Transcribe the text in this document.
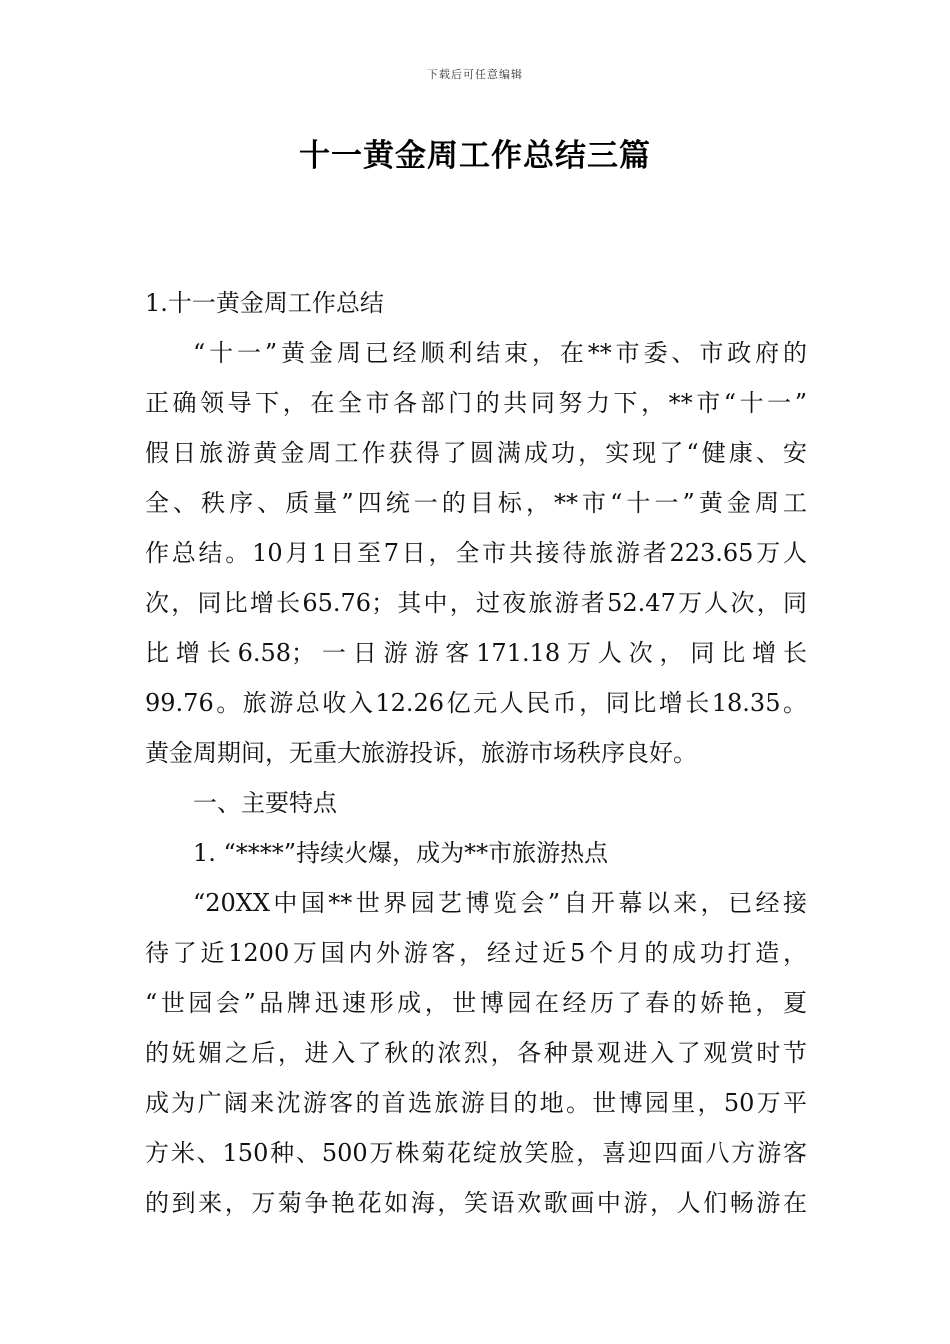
下载后可任意编辑
十一黄金周工作总结三篇
1.十一黄金周工作总结
“十一”黄金周已经顺利结束，在**市委、市政府的
正确领导下，在全市各部门的共同努力下，**市“十一”
假日旅游黄金周工作获得了圆满成功，实现了“健康、安
全、秩序、质量”四统一的目标，**市“十一”黄金周工
作总结。10月1日至7日，全市共接待旅游者223.65万人
次，同比增长65.76；其中，过夜旅游者52.47万人次，同
比增长6.58；一日游游客171.18万人次，同比增长
99.76。旅游总收入12.26亿元人民币，同比增长18.35。
黄金周期间，无重大旅游投诉，旅游市场秩序良好。
一、主要特点
1. “****”持续火爆，成为**市旅游热点
“20XX中国**世界园艺博览会”自开幕以来，已经接
待了近1200万国内外游客，经过近5个月的成功打造，
“世园会”品牌迅速形成，世博园在经历了春的娇艳，夏
的妩媚之后，进入了秋的浓烈，各种景观进入了观赏时节
成为广阔来沈游客的首选旅游目的地。世博园里，50万平
方米、150种、500万株菊花绽放笑脸，喜迎四面八方游客
的到来，万菊争艳花如海，笑语欢歌画中游，人们畅游在
